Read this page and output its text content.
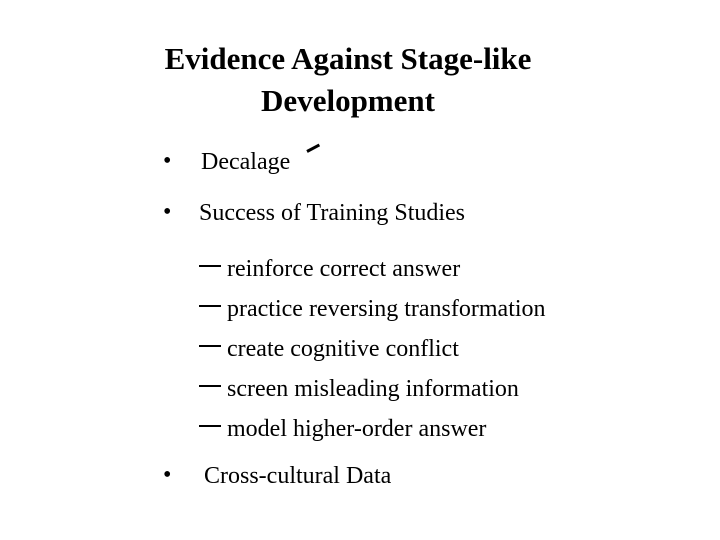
Evidence Against Stage-like
Development
• Decalage
• Success of Training Studies
reinforce correct answer
practice reversing transformation
create cognitive conflict
screen misleading information
model higher-order answer
• Cross-cultural Data
